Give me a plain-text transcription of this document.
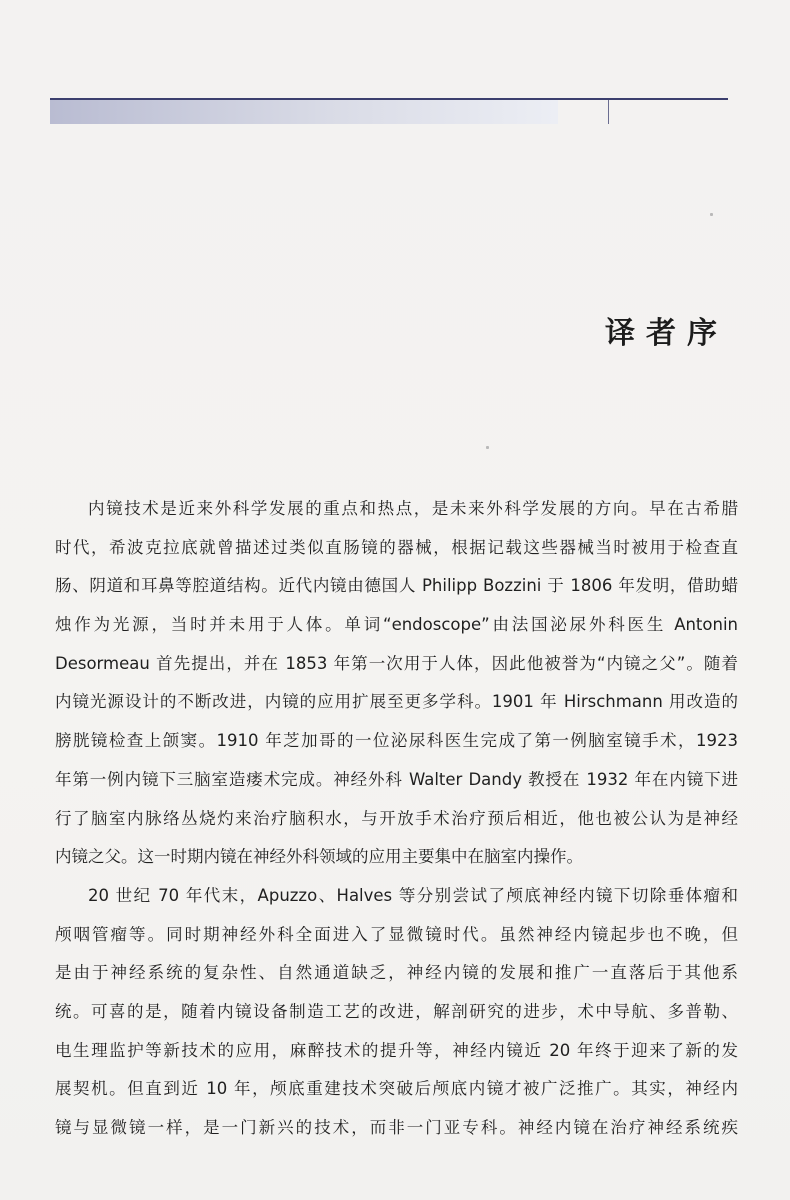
译者序
内镜技术是近来外科学发展的重点和热点，是未来外科学发展的方向。早在古希腊
时代，希波克拉底就曾描述过类似直肠镜的器械，根据记载这些器械当时被用于检查直
肠、阴道和耳鼻等腔道结构。近代内镜由德国人 Philipp Bozzini 于 1806 年发明，借助蜡
烛作为光源，当时并未用于人体。单词“endoscope”由法国泌尿外科医生 Antonin
Desormeau 首先提出，并在 1853 年第一次用于人体，因此他被誉为“内镜之父”。随着
内镜光源设计的不断改进，内镜的应用扩展至更多学科。1901 年 Hirschmann 用改造的
膀胱镜检查上颌窦。1910 年芝加哥的一位泌尿科医生完成了第一例脑室镜手术，1923
年第一例内镜下三脑室造瘘术完成。神经外科 Walter Dandy 教授在 1932 年在内镜下进
行了脑室内脉络丛烧灼来治疗脑积水，与开放手术治疗预后相近，他也被公认为是神经
内镜之父。这一时期内镜在神经外科领域的应用主要集中在脑室内操作。
20 世纪 70 年代末，Apuzzo、Halves 等分别尝试了颅底神经内镜下切除垂体瘤和
颅咽管瘤等。同时期神经外科全面进入了显微镜时代。虽然神经内镜起步也不晚，但
是由于神经系统的复杂性、自然通道缺乏，神经内镜的发展和推广一直落后于其他系
统。可喜的是，随着内镜设备制造工艺的改进，解剖研究的进步，术中导航、多普勒、
电生理监护等新技术的应用，麻醉技术的提升等，神经内镜近 20 年终于迎来了新的发
展契机。但直到近 10 年，颅底重建技术突破后颅底内镜才被广泛推广。其实，神经内
镜与显微镜一样，是一门新兴的技术，而非一门亚专科。神经内镜在治疗神经系统疾
